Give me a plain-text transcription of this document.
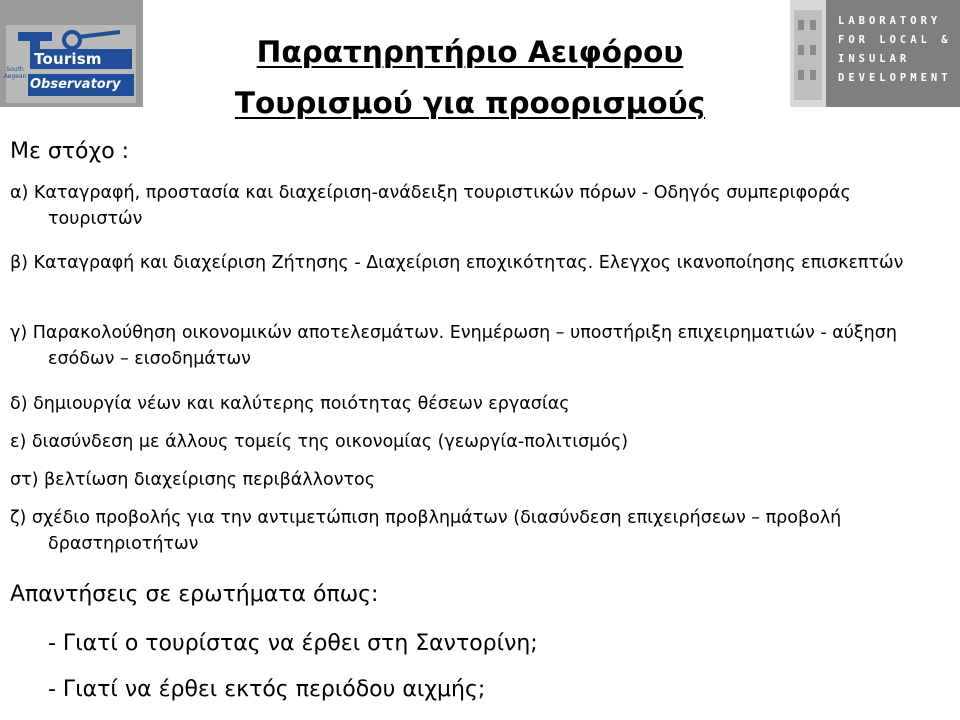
South Aegean
Tourism
Observatory
LABORATORY
FOR LOCAL &
INSULAR
DEVELOPMENT
Παρατηρητήριο Αειφόρου
Τουρισμού για προορισμούς
Με στόχο :
α) Καταγραφή, προστασία και διαχείριση-ανάδειξη τουριστικών πόρων - Οδηγός συμπεριφοράς τουριστών
β) Καταγραφή και διαχείριση Ζήτησης - Διαχείριση εποχικότητας. Ελεγχος ικανοποίησης επισκεπτών
γ) Παρακολούθηση οικονομικών αποτελεσμάτων. Ενημέρωση – υποστήριξη επιχειρηματιών - αύξηση εσόδων – εισοδημάτων
δ) δημιουργία νέων και καλύτερης ποιότητας θέσεων εργασίας
ε) διασύνδεση με άλλους τομείς της οικονομίας (γεωργία-πολιτισμός)
στ) βελτίωση διαχείρισης περιβάλλοντος
ζ) σχέδιο προβολής για την αντιμετώπιση προβλημάτων (διασύνδεση επιχειρήσεων – προβολή δραστηριοτήτων
Απαντήσεις σε ερωτήματα όπως:
- Γιατί ο τουρίστας να έρθει στη Σαντορίνη;
- Γιατί να έρθει εκτός περιόδου αιχμής;
